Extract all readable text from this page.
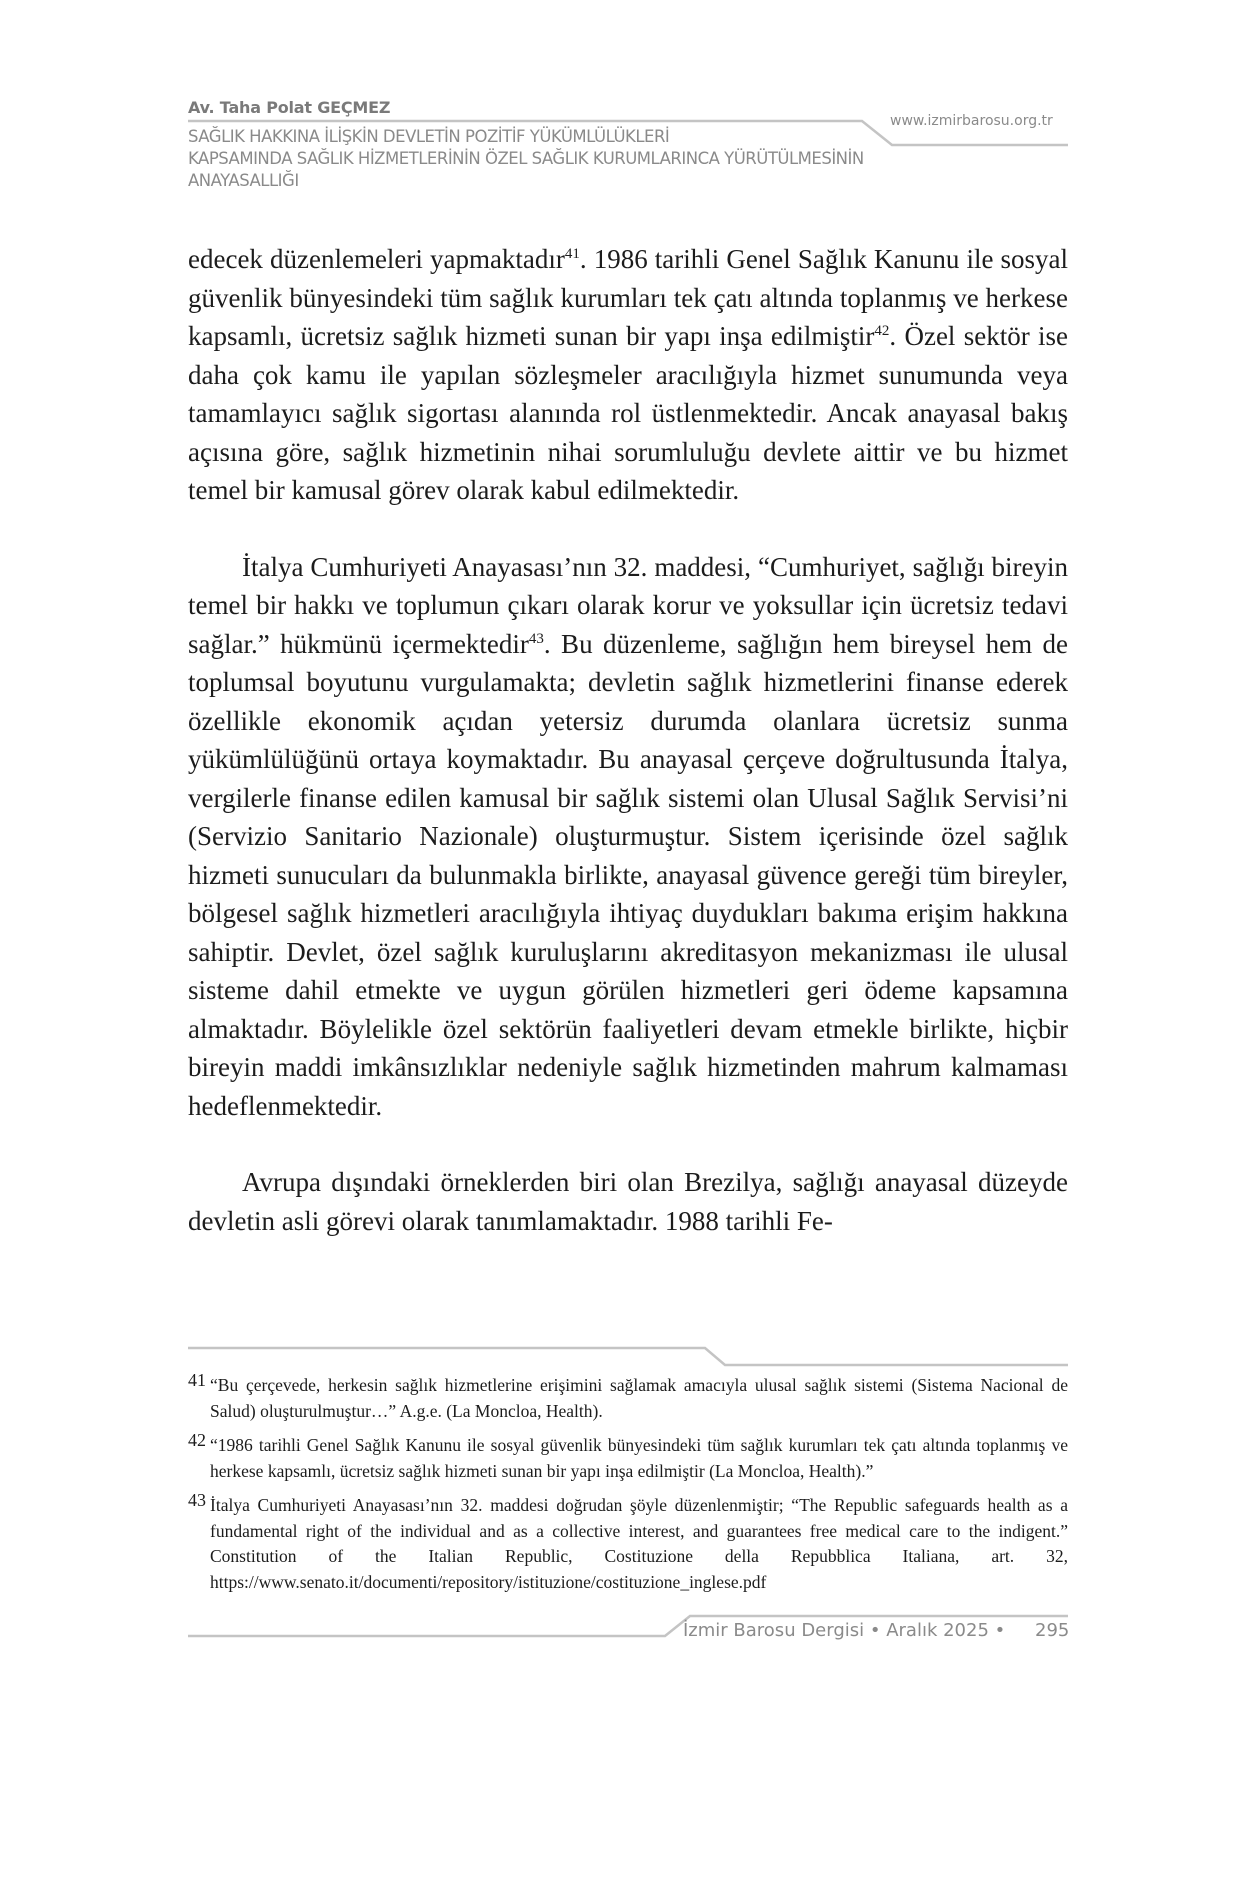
Av. Taha Polat GEÇMEZ
www.izmirbarosu.org.tr
SAĞLIK HAKKINA İLİŞKİN DEVLETİN POZİTİF YÜKÜMLÜLÜKLERİ
KAPSAMINDA SAĞLIK HİZMETLERİNİN ÖZEL SAĞLIK KURUMLARINCA YÜRÜTÜLMESİNİN
ANAYASALLIĞI

edecek düzenlemeleri yapmaktadır$^{41}$. 1986 tarihli Genel Sağlık Kanunu ile sosyal güvenlik bünyesindeki tüm sağlık kurumları tek çatı altında toplanmış ve herkese kapsamlı, ücretsiz sağlık hizmeti sunan bir yapı inşa edilmiştir$^{42}$. Özel sektör ise daha çok kamu ile yapılan sözleşmeler aracılığıyla hizmet sunumunda veya tamamlayıcı sağlık sigortası alanında rol üstlenmektedir. Ancak anayasal bakış açısına göre, sağlık hizmetinin nihai sorumluluğu devlete aittir ve bu hizmet temel bir kamusal görev olarak kabul edilmektedir.

İtalya Cumhuriyeti Anayasası’nın 32. maddesi, “Cumhuriyet, sağlığı bireyin temel bir hakkı ve toplumun çıkarı olarak korur ve yoksullar için ücretsiz tedavi sağlar.” hükmünü içermektedir$^{43}$. Bu düzenleme, sağlığın hem bireysel hem de toplumsal boyutunu vurgulamakta; devletin sağlık hizmetlerini finanse ederek özellikle ekonomik açıdan yetersiz durumda olanlara ücretsiz sunma yükümlülüğünü ortaya koymaktadır. Bu anayasal çerçeve doğrultusunda İtalya, vergilerle finanse edilen kamusal bir sağlık sistemi olan Ulusal Sağlık Servisi’ni (Servizio Sanitario Nazionale) oluşturmuştur. Sistem içerisinde özel sağlık hizmeti sunucuları da bulunmakla birlikte, anayasal güvence gereği tüm bireyler, bölgesel sağlık hizmetleri aracılığıyla ihtiyaç duydukları bakıma erişim hakkına sahiptir. Devlet, özel sağlık kuruluşlarını akreditasyon mekanizması ile ulusal sisteme dahil etmekte ve uygun görülen hizmetleri geri ödeme kapsamına almaktadır. Böylelikle özel sektörün faaliyetleri devam etmekle birlikte, hiçbir bireyin maddi imkânsızlıklar nedeniyle sağlık hizmetinden mahrum kalmaması hedeflenmektedir.

Avrupa dışındaki örneklerden biri olan Brezilya, sağlığı anayasal düzeyde devletin asli görevi olarak tanımlamaktadır. 1988 tarihli Fe-

41 “Bu çerçevede, herkesin sağlık hizmetlerine erişimini sağlamak amacıyla ulusal sağlık sistemi (Sistema Nacional de Salud) oluşturulmuştur…” A.g.e. (La Moncloa, Health).
42 “1986 tarihli Genel Sağlık Kanunu ile sosyal güvenlik bünyesindeki tüm sağlık kurumları tek çatı altında toplanmış ve herkese kapsamlı, ücretsiz sağlık hizmeti sunan bir yapı inşa edilmiştir (La Moncloa, Health).”
43 İtalya Cumhuriyeti Anayasası’nın 32. maddesi doğrudan şöyle düzenlenmiştir; “The Republic safeguards health as a fundamental right of the individual and as a collective interest, and guarantees free medical care to the indigent.” Constitution of the Italian Republic, Costituzione della Repubblica Italiana, art. 32, https://www.senato.it/documenti/repository/istituzione/costituzione_inglese.pdf
İzmir Barosu Dergisi • Aralık 2025 • 295
